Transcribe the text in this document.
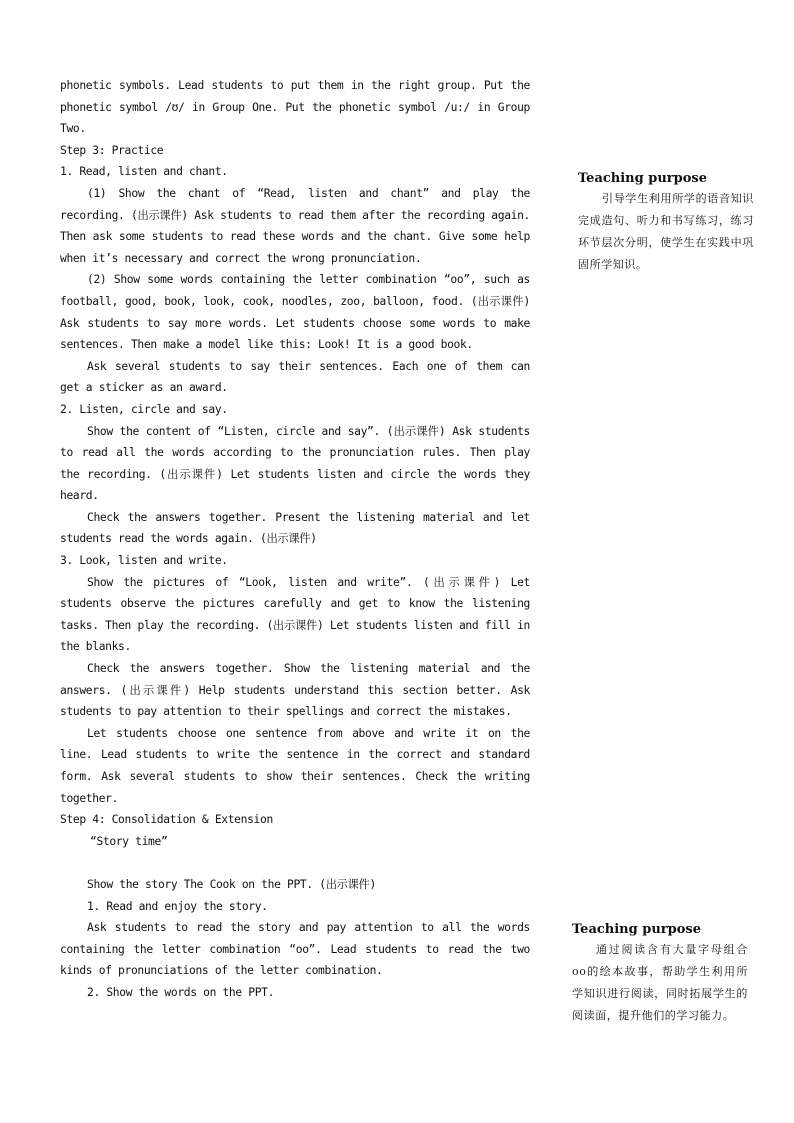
phonetic symbols. Lead students to put them in the right group. Put the phonetic symbol /ʊ/ in Group One. Put the phonetic symbol /u:/ in Group Two.

Step 3: Practice

1. Read, listen and chant.

(1) Show the chant of “Read, listen and chant” and play the recording. (出示课件) Ask students to read them after the recording again. Then ask some students to read these words and the chant. Give some help when it’s necessary and correct the wrong pronunciation.

(2) Show some words containing the letter combination “oo”, such as football, good, book, look, cook, noodles, zoo, balloon, food. (出示课件) Ask students to say more words. Let students choose some words to make sentences. Then make a model like this: Look! It is a good book.

Ask several students to say their sentences. Each one of them can get a sticker as an award.

2. Listen, circle and say.

Show the content of “Listen, circle and say”. (出示课件) Ask students to read all the words according to the pronunciation rules. Then play the recording. (出示课件) Let students listen and circle the words they heard.

Check the answers together. Present the listening material and let students read the words again. (出示课件)

3. Look, listen and write.

Show the pictures of “Look, listen and write”. (出示课件) Let students observe the pictures carefully and get to know the listening tasks. Then play the recording. (出示课件) Let students listen and fill in the blanks.

Check the answers together. Show the listening material and the answers. (出示课件) Help students understand this section better. Ask students to pay attention to their spellings and correct the mistakes.

Let students choose one sentence from above and write it on the line. Lead students to write the sentence in the correct and standard form. Ask several students to show their sentences. Check the writing together.

Step 4: Consolidation & Extension

“Story time”

Show the story The Cook on the PPT. (出示课件)

1. Read and enjoy the story.

Ask students to read the story and pay attention to all the words containing the letter combination “oo”. Lead students to read the two kinds of pronunciations of the letter combination.

2. Show the words on the PPT.

Teaching purpose

引导学生利用所学的语音知识完成造句、听力和书写练习，练习环节层次分明，使学生在实践中巩固所学知识。

Teaching purpose

通过阅读含有大量字母组合oo的绘本故事，帮助学生利用所学知识进行阅读，同时拓展学生的阅读面，提升他们的学习能力。
